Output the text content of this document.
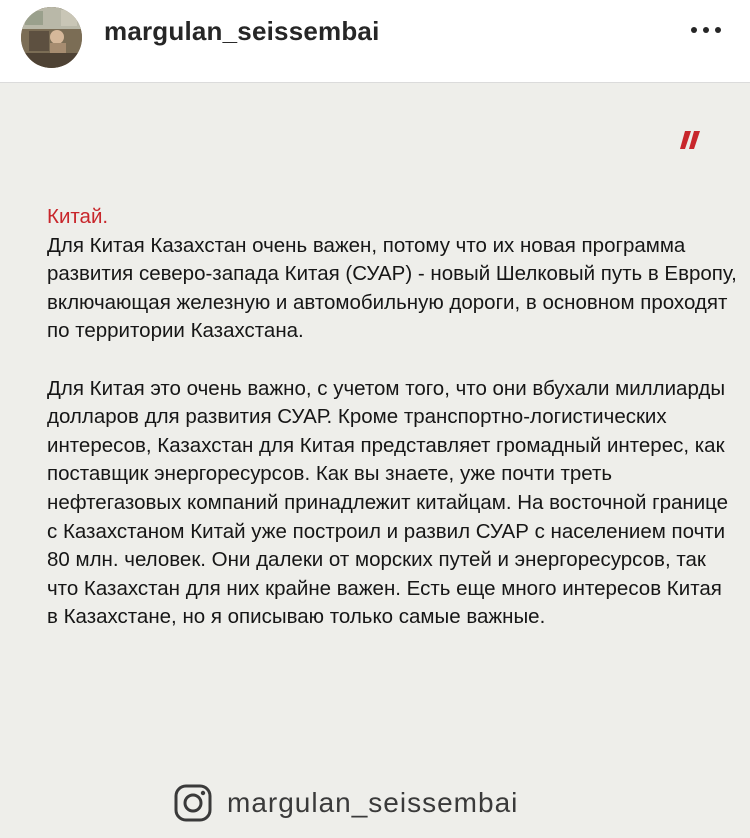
margulan_seissembai

Китай.

Для Китая Казахстан очень важен, потому что их новая программа развития северо-запада Китая (СУАР) - новый Шелковый путь в Европу, включающая железную и автомобильную дороги, в основном проходят по территории Казахстана.

Для Китая это очень важно, с учетом того, что они вбухали миллиарды долларов для развития СУАР. Кроме транспортно-логистических интересов, Казахстан для Китая представляет громадный интерес, как поставщик энергоресурсов. Как вы знаете, уже почти треть нефтегазовых компаний принадлежит китайцам. На восточной границе с Казахстаном Китай уже построил и развил СУАР с населением почти 80 млн. человек. Они далеки от морских путей и энергоресурсов, так что Казахстан для них крайне важен. Есть еще много интересов Китая в Казахстане, но я описываю только самые важные.

margulan_seissembai
